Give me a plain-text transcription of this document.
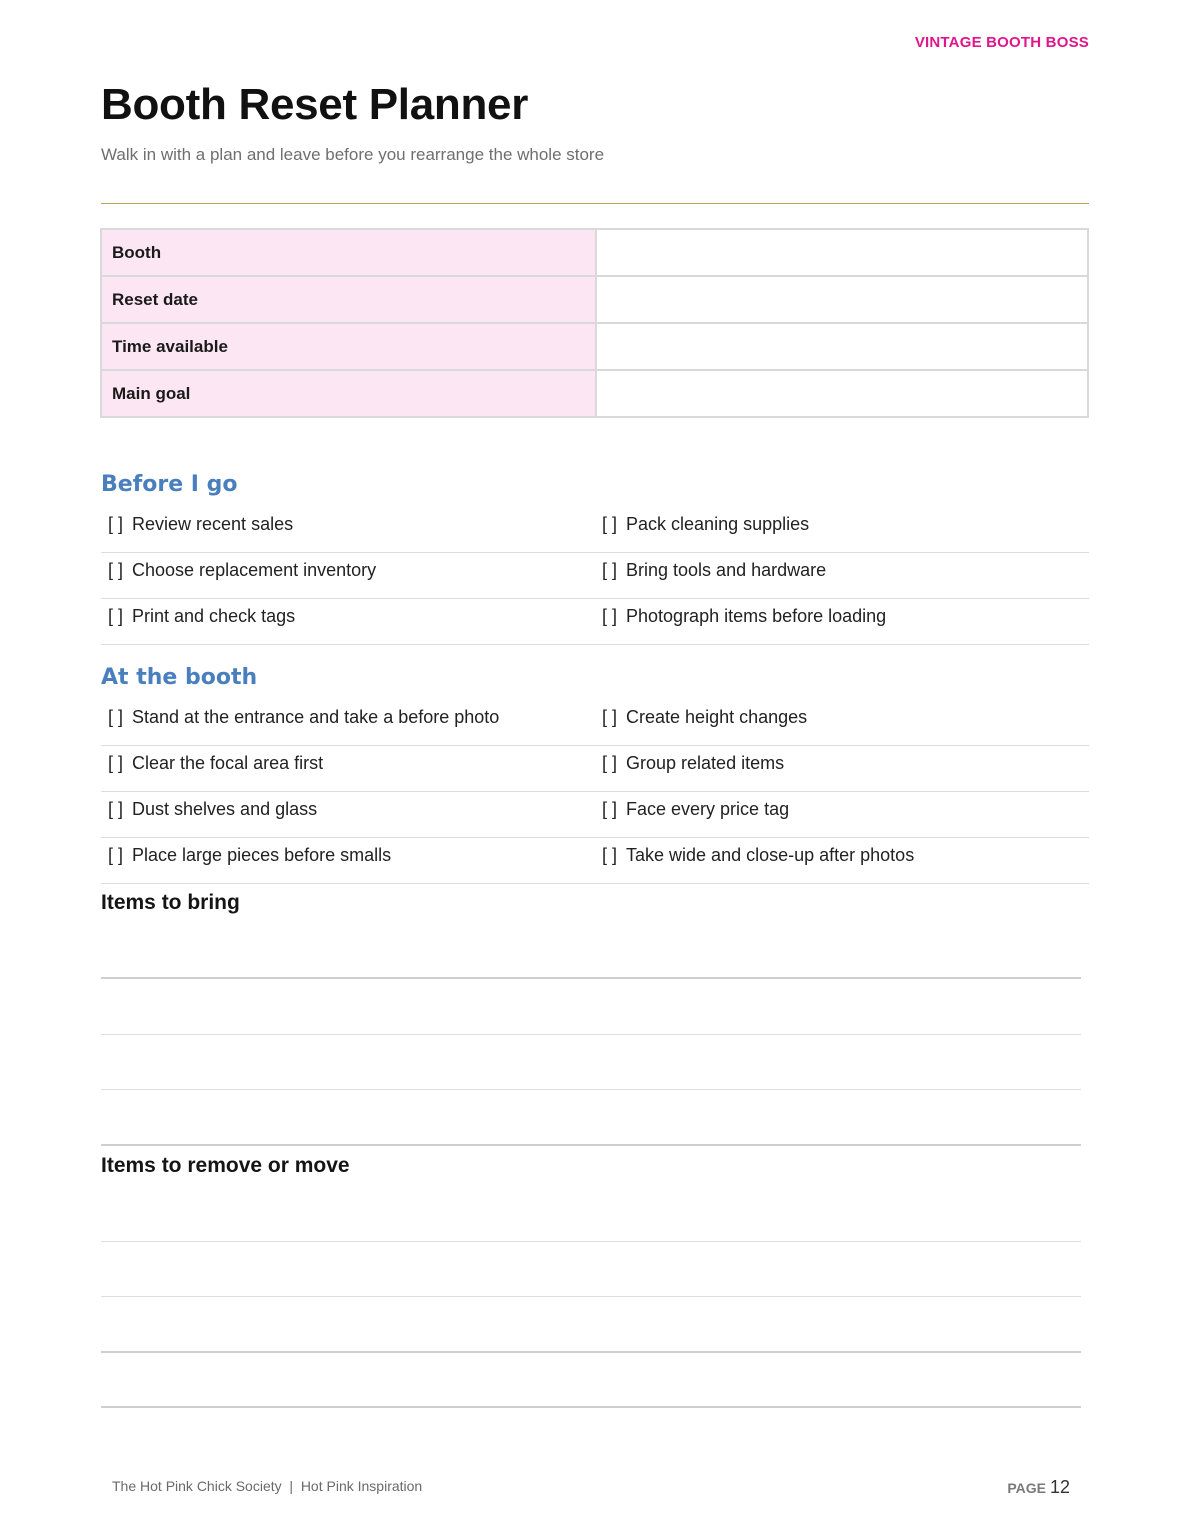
VINTAGE BOOTH BOSS
Booth Reset Planner
Walk in with a plan and leave before you rearrange the whole store
Booth	
Reset date	
Time available	
Main goal	
Before I go
[ ] Review recent sales	[ ] Pack cleaning supplies
[ ] Choose replacement inventory	[ ] Bring tools and hardware
[ ] Print and check tags	[ ] Photograph items before loading
At the booth
[ ] Stand at the entrance and take a before photo	[ ] Create height changes
[ ] Clear the focal area first	[ ] Group related items
[ ] Dust shelves and glass	[ ] Face every price tag
[ ] Place large pieces before smalls	[ ] Take wide and close-up after photos
Items to bring
Items to remove or move
The Hot Pink Chick Society  |  Hot Pink Inspiration	PAGE 12
